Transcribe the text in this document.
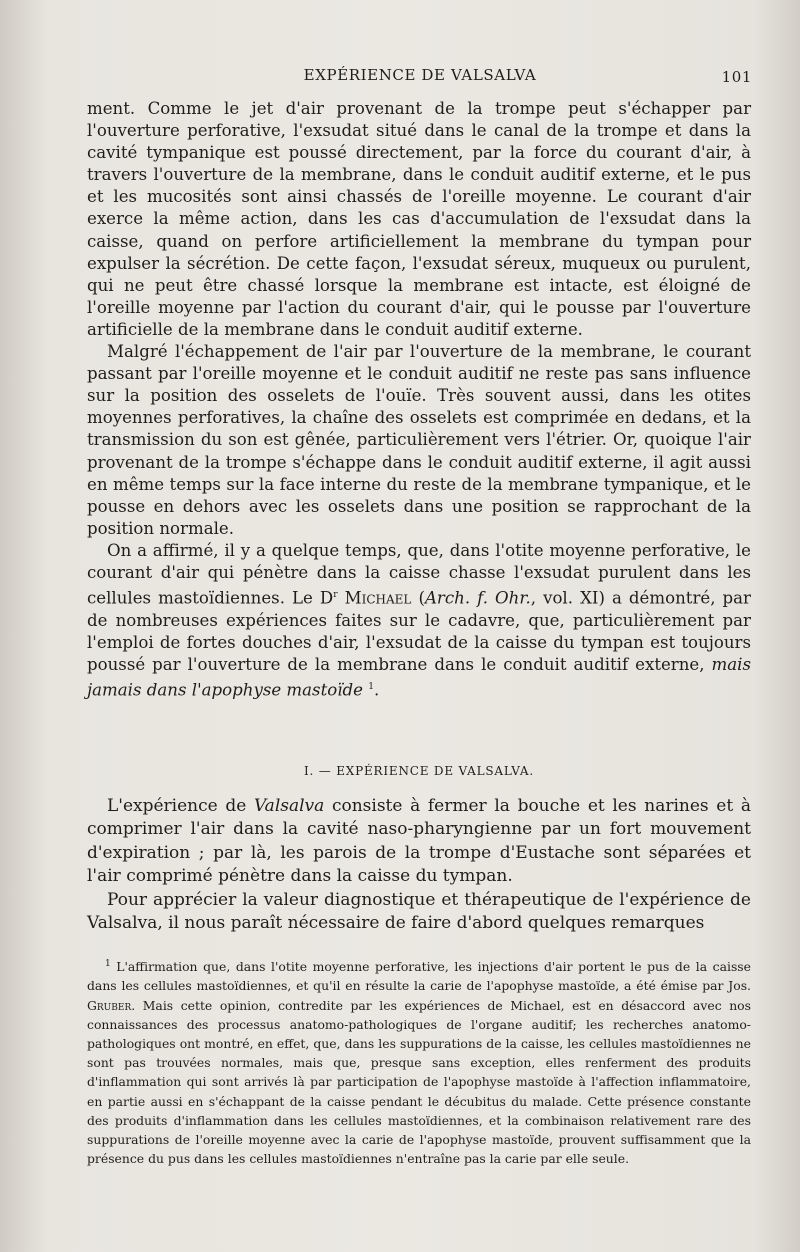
EXPÉRIENCE DE VALSALVA	101

ment. Comme le jet d'air provenant de la trompe peut s'échapper par l'ouverture perforative, l'exsudat situé dans le canal de la trompe et dans la cavité tympanique est poussé directement, par la force du courant d'air, à travers l'ouverture de la membrane, dans le conduit auditif externe, et le pus et les mucosités sont ainsi chassés de l'oreille moyenne. Le courant d'air exerce la même action, dans les cas d'accumulation de l'exsudat dans la caisse, quand on perfore artificiellement la membrane du tympan pour expulser la sécrétion. De cette façon, l'exsudat séreux, muqueux ou purulent, qui ne peut être chassé lorsque la membrane est intacte, est éloigné de l'oreille moyenne par l'action du courant d'air, qui le pousse par l'ouverture artificielle de la membrane dans le conduit auditif externe.

Malgré l'échappement de l'air par l'ouverture de la membrane, le courant passant par l'oreille moyenne et le conduit auditif ne reste pas sans influence sur la position des osselets de l'ouïe. Très souvent aussi, dans les otites moyennes perforatives, la chaîne des osselets est comprimée en dedans, et la transmission du son est gênée, particulièrement vers l'étrier. Or, quoique l'air provenant de la trompe s'échappe dans le conduit auditif externe, il agit aussi en même temps sur la face interne du reste de la membrane tympanique, et le pousse en dehors avec les osselets dans une position se rapprochant de la position normale.

On a affirmé, il y a quelque temps, que, dans l'otite moyenne perforative, le courant d'air qui pénètre dans la caisse chasse l'exsudat purulent dans les cellules mastoïdiennes. Le $D^r$ Michael (Arch. f. Ohr., vol. XI) a démontré, par de nombreuses expériences faites sur le cadavre, que, particulièrement par l'emploi de fortes douches d'air, l'exsudat de la caisse du tympan est toujours poussé par l'ouverture de la membrane dans le conduit auditif externe, mais jamais dans l'apophyse mastoïde $^1$.

I. — EXPÉRIENCE DE VALSALVA.

L'expérience de Valsalva consiste à fermer la bouche et les narines et à comprimer l'air dans la cavité naso-pharyngienne par un fort mouvement d'expiration ; par là, les parois de la trompe d'Eustache sont séparées et l'air comprimé pénètre dans la caisse du tympan.

Pour apprécier la valeur diagnostique et thérapeutique de l'expérience de Valsalva, il nous paraît nécessaire de faire d'abord quelques remarques

$^1$ L'affirmation que, dans l'otite moyenne perforative, les injections d'air portent le pus de la caisse dans les cellules mastoïdiennes, et qu'il en résulte la carie de l'apophyse mastoïde, a été émise par Jos. Gruber. Mais cette opinion, contredite par les expériences de Michael, est en désaccord avec nos connaissances des processus anatomo-pathologiques de l'organe auditif; les recherches anatomo-pathologiques ont montré, en effet, que, dans les suppurations de la caisse, les cellules mastoïdiennes ne sont pas trouvées normales, mais que, presque sans exception, elles renferment des produits d'inflammation qui sont arrivés là par participation de l'apophyse mastoïde à l'affection inflammatoire, en partie aussi en s'échappant de la caisse pendant le décubitus du malade. Cette présence constante des produits d'inflammation dans les cellules mastoïdiennes, et la combinaison relativement rare des suppurations de l'oreille moyenne avec la carie de l'apophyse mastoïde, prouvent suffisamment que la présence du pus dans les cellules mastoïdiennes n'entraîne pas la carie par elle seule.
